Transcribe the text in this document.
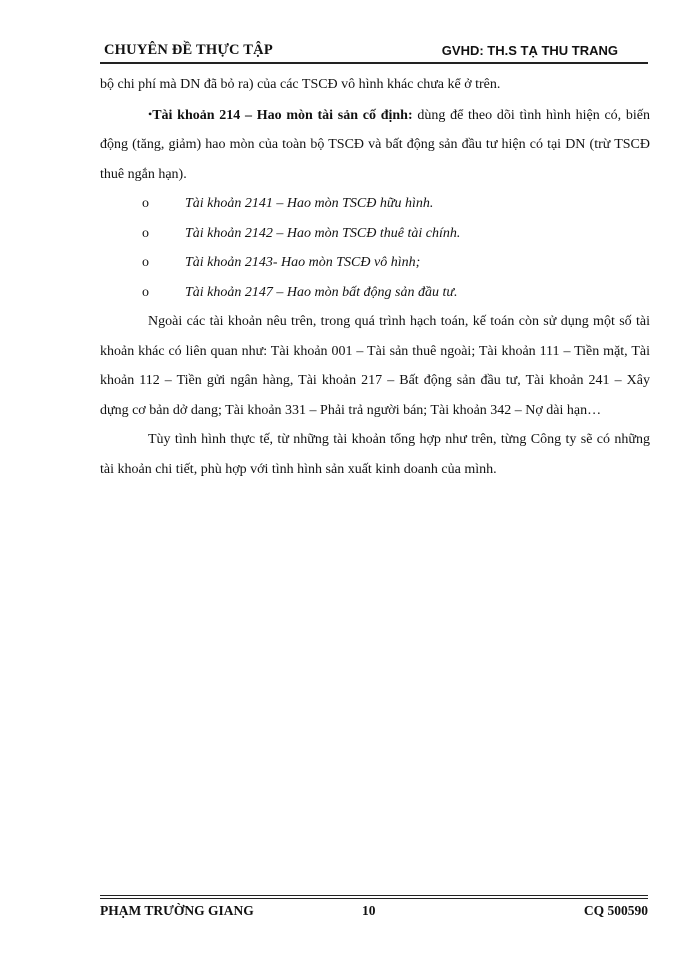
CHUYÊN ĐỀ THỰC TẬP	GVHD: TH.S TẠ THU TRANG

bộ chi phí mà DN đã bỏ ra) của các TSCĐ vô hình khác chưa kể ở trên.

•Tài khoản 214 – Hao mòn tài sản cố định: dùng để theo dõi tình hình hiện có, biến động (tăng, giảm) hao mòn của toàn bộ TSCĐ và bất động sản đầu tư hiện có tại DN (trừ TSCĐ thuê ngắn hạn).

o	Tài khoản 2141 – Hao mòn TSCĐ hữu hình.

o	Tài khoản 2142 – Hao mòn TSCĐ thuê tài chính.

o	Tài khoản 2143- Hao mòn TSCĐ vô hình;

o	Tài khoản 2147 – Hao mòn bất động sản đầu tư.

Ngoài các tài khoản nêu trên, trong quá trình hạch toán, kế toán còn sử dụng một số tài khoản khác có liên quan như: Tài khoản 001 – Tài sản thuê ngoài; Tài khoản 111 – Tiền mặt, Tài khoản 112 – Tiền gửi ngân hàng, Tài khoản 217 – Bất động sản đầu tư, Tài khoản 241 – Xây dựng cơ bản dở dang; Tài khoản 331 – Phải trả người bán; Tài khoản 342 – Nợ dài hạn…

Tùy tình hình thực tế, từ những tài khoản tổng hợp như trên, từng Công ty sẽ có những tài khoản chi tiết, phù hợp với tình hình sản xuất kinh doanh của mình.

PHẠM TRƯỜNG GIANG	10	CQ 500590
